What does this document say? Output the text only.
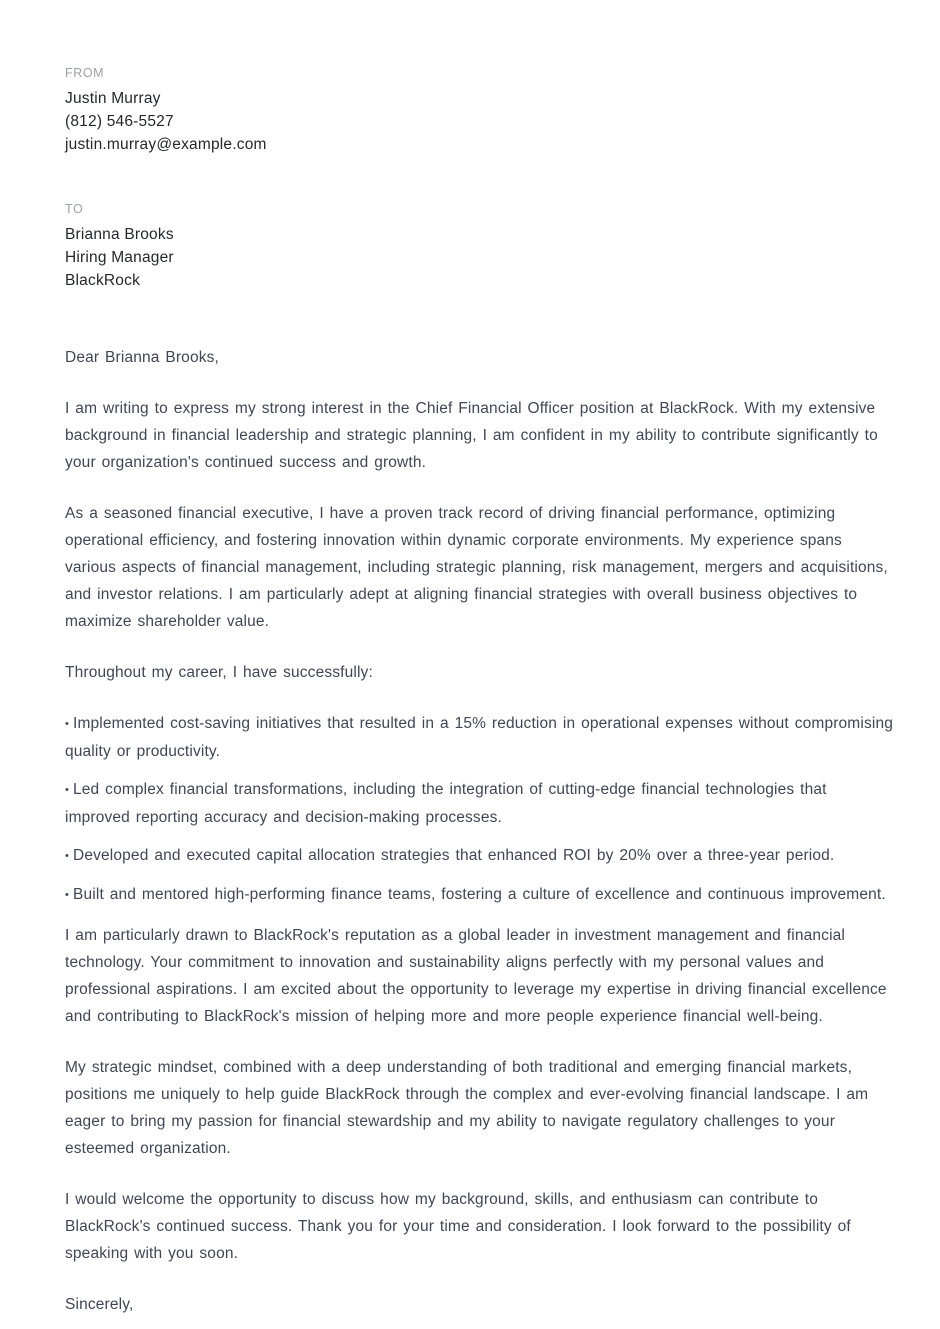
FROM
Justin Murray
(812) 546-5527
justin.murray@example.com
TO
Brianna Brooks
Hiring Manager
BlackRock

Dear Brianna Brooks,

I am writing to express my strong interest in the Chief Financial Officer position at BlackRock. With my extensive background in financial leadership and strategic planning, I am confident in my ability to contribute significantly to your organization's continued success and growth.

As a seasoned financial executive, I have a proven track record of driving financial performance, optimizing operational efficiency, and fostering innovation within dynamic corporate environments. My experience spans various aspects of financial management, including strategic planning, risk management, mergers and acquisitions, and investor relations. I am particularly adept at aligning financial strategies with overall business objectives to maximize shareholder value.

Throughout my career, I have successfully:

• Implemented cost-saving initiatives that resulted in a 15% reduction in operational expenses without compromising quality or productivity.

• Led complex financial transformations, including the integration of cutting-edge financial technologies that improved reporting accuracy and decision-making processes.

• Developed and executed capital allocation strategies that enhanced ROI by 20% over a three-year period.

• Built and mentored high-performing finance teams, fostering a culture of excellence and continuous improvement.

I am particularly drawn to BlackRock's reputation as a global leader in investment management and financial technology. Your commitment to innovation and sustainability aligns perfectly with my personal values and professional aspirations. I am excited about the opportunity to leverage my expertise in driving financial excellence and contributing to BlackRock's mission of helping more and more people experience financial well-being.

My strategic mindset, combined with a deep understanding of both traditional and emerging financial markets, positions me uniquely to help guide BlackRock through the complex and ever-evolving financial landscape. I am eager to bring my passion for financial stewardship and my ability to navigate regulatory challenges to your esteemed organization.

I would welcome the opportunity to discuss how my background, skills, and enthusiasm can contribute to BlackRock's continued success. Thank you for your time and consideration. I look forward to the possibility of speaking with you soon.

Sincerely,
